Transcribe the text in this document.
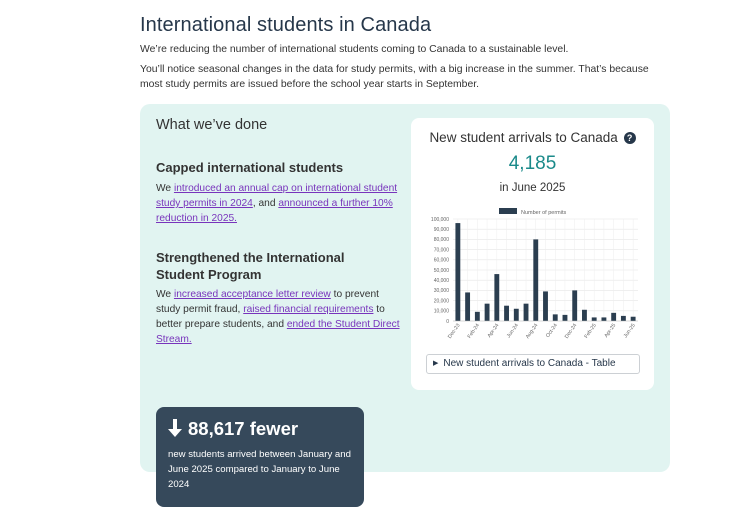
International students in Canada

We’re reducing the number of international students coming to Canada to a sustainable level.

You’ll notice seasonal changes in the data for study permits, with a big increase in the summer. That’s because most study permits are issued before the school year starts in September.

What we’ve done
Capped international students

We introduced an annual cap on international student study permits in 2024, and announced a further 10% reduction in 2025.

Strengthened the International Student Program

We increased acceptance letter review to prevent study permit fraud, raised financial requirements to better prepare students, and ended the Student Direct Stream.

New student arrivals to Canada ?
4,185
in June 2025
Number of permits
0
10,000
20,000
30,000
40,000
50,000
60,000
70,000
80,000
90,000
100,000
Dec-23 Feb-24 Apr-24 Jun-24 Aug-24 Oct-24 Dec-24 Feb-25 Apr-25 Jun-25
▶ New student arrivals to Canada - Table
88,617 fewer
new students arrived between January and June 2025 compared to January to June 2024
